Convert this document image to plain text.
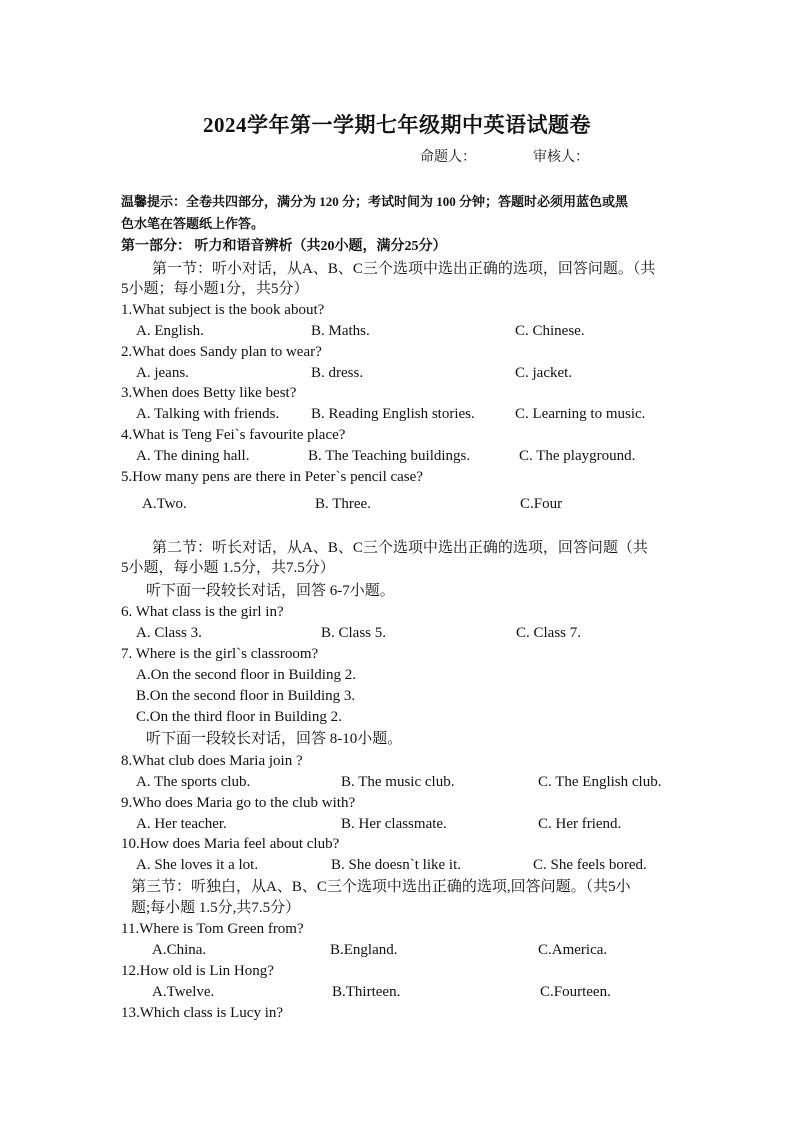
2024学年第一学期七年级期中英语试题卷
命题人：	审核人：
温馨提示：全卷共四部分，满分为 120 分；考试时间为 100 分钟；答题时必须用蓝色或黑
色水笔在答题纸上作答。
第一部分： 听力和语音辨析（共20小题，满分25分）
第一节：听小对话，从A、B、C三个选项中选出正确的选项，回答问题。（共
5小题；每小题1分，共5分）
1.What subject is the book about?
A. English.	B. Maths.	C. Chinese.
2.What does Sandy plan to wear?
A. jeans.	B. dress.	C. jacket.
3.When does Betty like best?
A. Talking with friends. B. Reading English stories.	C. Learning to music.
4.What is Teng Fei`s favourite place?
A. The dining hall.	B. The Teaching buildings.	C. The playground.
5.How many pens are there in Peter`s pencil case?
A.Two.	B. Three.	C.Four
第二节：听长对话，从A、B、C三个选项中选出正确的选项，回答问题（共
5小题，每小题 1.5分，共7.5分）
听下面一段较长对话，回答 6-7小题。
6. What class is the girl in?
A. Class 3.	B. Class 5.	C. Class 7.
7. Where is the girl`s classroom?
A.On the second floor in Building 2.
B.On the second floor in Building 3.
C.On the third floor in Building 2.
听下面一段较长对话，回答 8-10小题。
8.What club does Maria join ?
A. The sports club.	B. The music club.	C. The English club.
9.Who does Maria go to the club with?
A. Her teacher.	B. Her classmate.	C. Her friend.
10.How does Maria feel about club?
A. She loves it a lot.	B. She doesn`t like it.	C. She feels bored.
第三节：听独白，从A、B、C三个选项中选出正确的选项,回答问题。（共5小
题;每小题 1.5分,共7.5分）
11.Where is Tom Green from?
A.China.	B.England.	C.America.
12.How old is Lin Hong?
A.Twelve.	B.Thirteen.	C.Fourteen.
13.Which class is Lucy in?
